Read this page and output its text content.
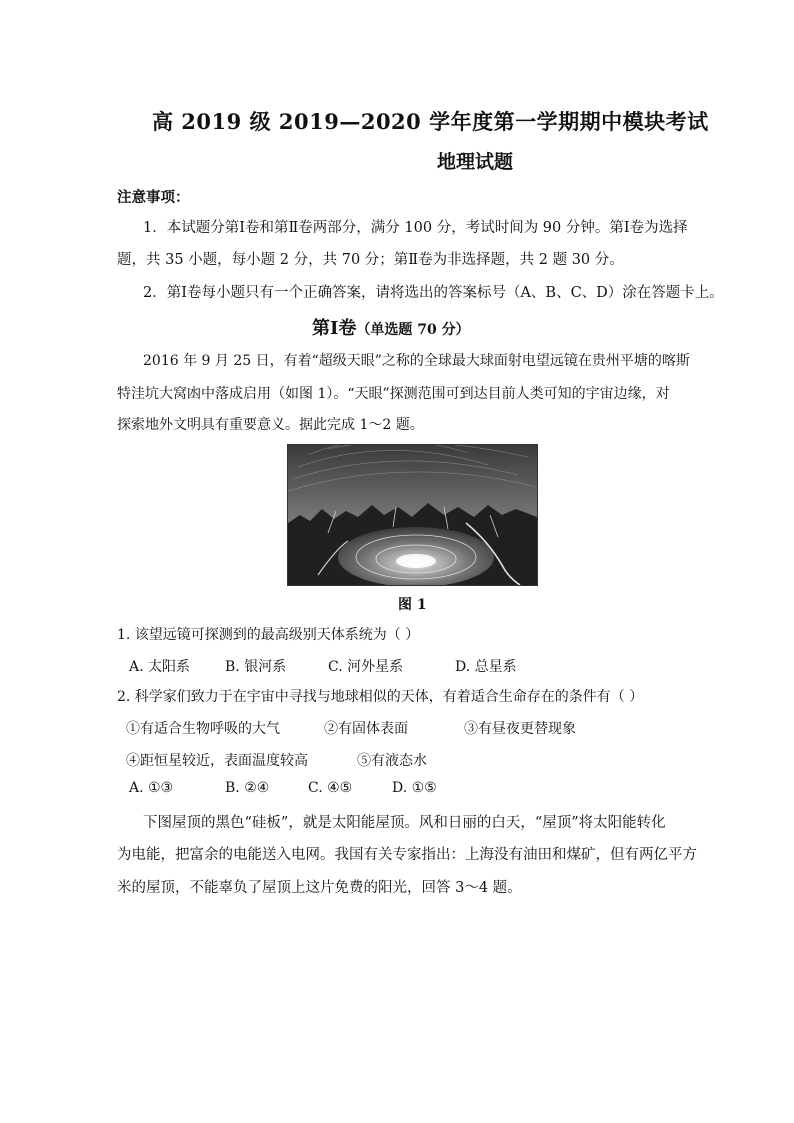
高 2019 级 2019—2020 学年度第一学期期中模块考试
地理试题
注意事项：
1．本试题分第Ⅰ卷和第Ⅱ卷两部分，满分 100 分，考试时间为 90 分钟。第Ⅰ卷为选择
题，共 35 小题，每小题 2 分，共 70 分；第Ⅱ卷为非选择题，共 2 题 30 分。
2．第Ⅰ卷每小题只有一个正确答案，请将选出的答案标号（A、B、C、D）涂在答题卡上。
第Ⅰ卷（单选题 70 分）
2016 年 9 月 25 日，有着“超级天眼”之称的全球最大球面射电望远镜在贵州平塘的喀斯
特洼坑大窝凼中落成启用（如图 1）。“天眼”探测范围可到达目前人类可知的宇宙边缘，对
探索地外文明具有重要意义。据此完成 1～2 题。
图 1
1. 该望远镜可探测到的最高级别天体系统为（ ）
A. 太阳系 B. 银河系	C. 河外星系	D. 总星系
2. 科学家们致力于在宇宙中寻找与地球相似的天体，有着适合生命存在的条件有（ ）
①有适合生物呼吸的大气	②有固体表面	③有昼夜更替现象
④距恒星较近，表面温度较高	⑤有液态水
A. ①③	B. ②④	C. ④⑤	D. ①⑤
下图屋顶的黑色“硅板”，就是太阳能屋顶。风和日丽的白天，“屋顶”将太阳能转化
为电能，把富余的电能送入电网。我国有关专家指出：上海没有油田和煤矿，但有两亿平方
米的屋顶，不能辜负了屋顶上这片免费的阳光，回答 3～4 题。
